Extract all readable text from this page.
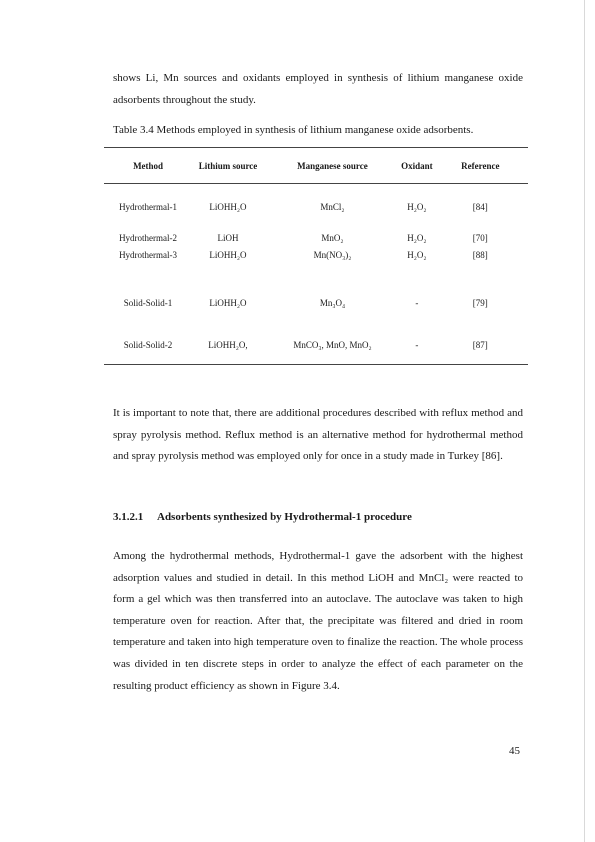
shows Li, Mn sources and oxidants employed in synthesis of lithium manganese oxide adsorbents throughout the study.

Table 3.4 Methods employed in synthesis of lithium manganese oxide adsorbents.

Method	Lithium source	Manganese source	Oxidant	Reference

Hydrothermal-1	LiOHH₂O	MnCl₂	H₂O₂	[84]

Hydrothermal-2	LiOH	MnO₂	H₂O₂	[70]
Hydrothermal-3	LiOHH₂O	Mn(NO₃)₂	H₂O₂	[88]

Solid-Solid-1	LiOHH₂O	Mn₃O₄	-	[79]

Solid-Solid-2	LiOHH₂O,	MnCO₃, MnO, MnO₂	-	[87]

It is important to note that, there are additional procedures described with reflux method and spray pyrolysis method. Reflux method is an alternative method for hydrothermal method and spray pyrolysis method was employed only for once in a study made in Turkey [86].

3.1.2.1 Adsorbents synthesized by Hydrothermal-1 procedure

Among the hydrothermal methods, Hydrothermal-1 gave the adsorbent with the highest adsorption values and studied in detail. In this method LiOH and MnCl₂ were reacted to form a gel which was then transferred into an autoclave. The autoclave was taken to high temperature oven for reaction. After that, the precipitate was filtered and dried in room temperature and taken into high temperature oven to finalize the reaction. The whole process was divided in ten discrete steps in order to analyze the effect of each parameter on the resulting product efficiency as shown in Figure 3.4.

45
